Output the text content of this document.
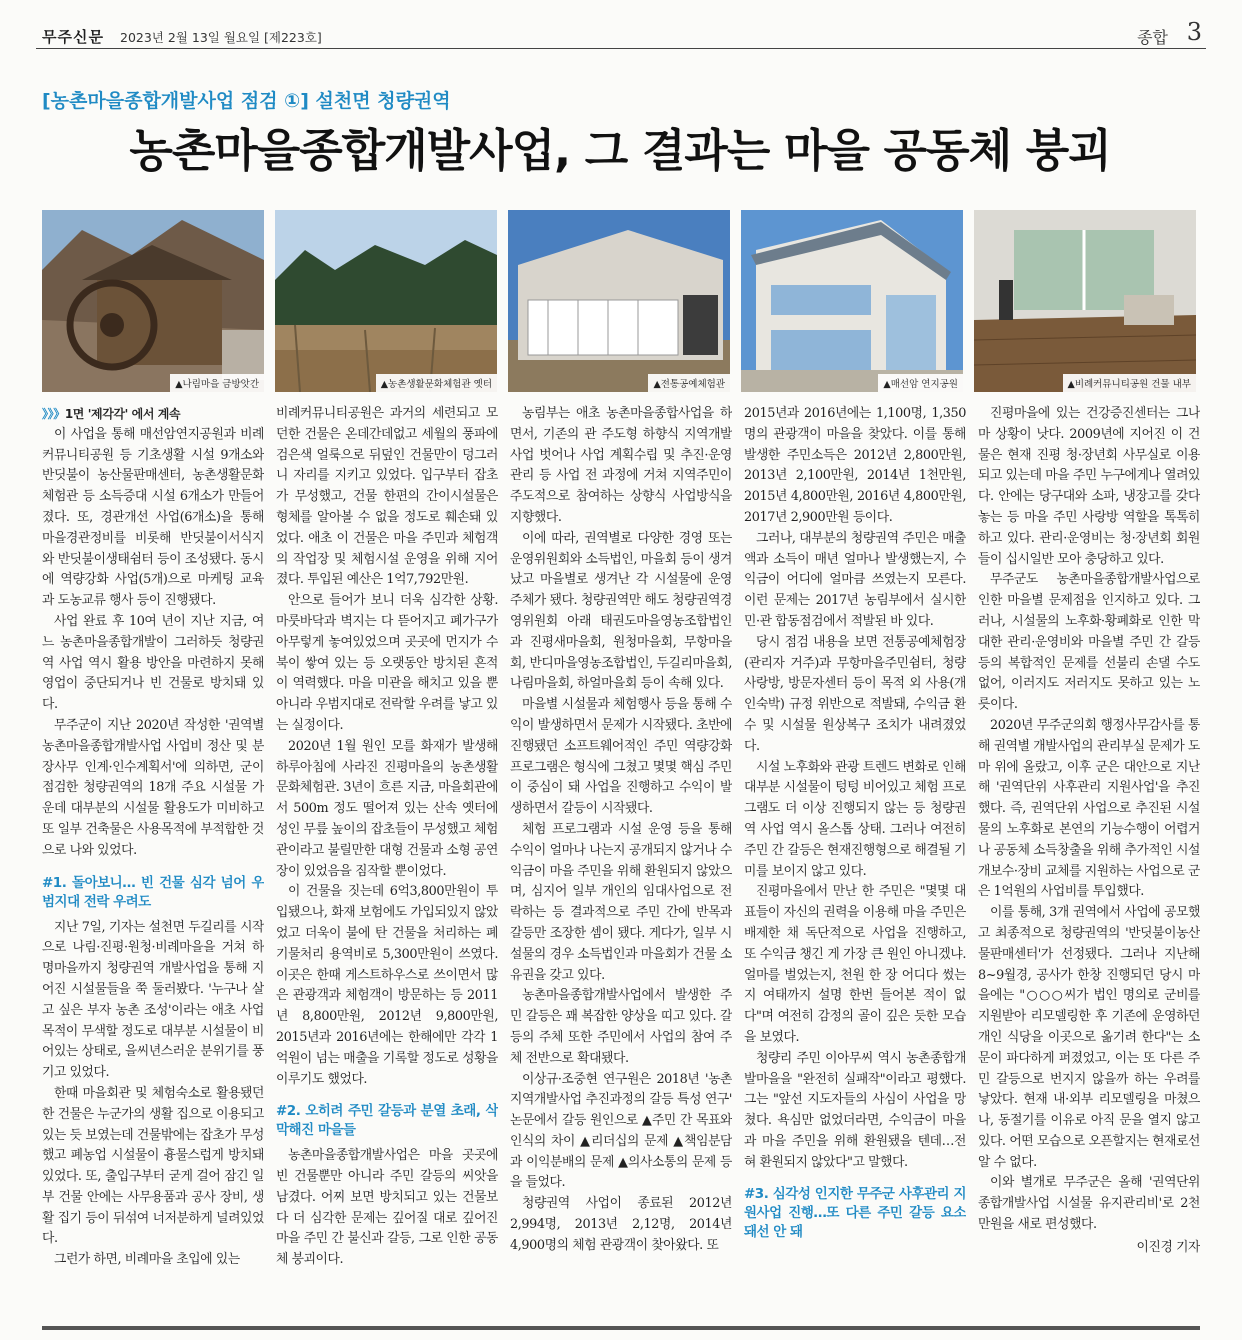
무주신문 2023년 2월 13일 월요일 [제223호]	종합 3
[농촌마을종합개발사업 점검 ①] 설천면 청량권역
농촌마을종합개발사업, 그 결과는 마을 공동체 붕괴
▲나림마을 금방앗간	▲농촌생활문화체험관 옛터	▲전통공예체험관	▲매선암 연지공원	▲비례커뮤니티공원 건물 내부

》》》1면 '제각각' 에서 계속

이 사업을 통해 매선암연지공원과 비례커뮤니티공원 등 기초생활 시설 9개소와 반딧불이 농산물판매센터, 농촌생활문화체험관 등 소득증대 시설 6개소가 만들어졌다. 또, 경관개선 사업(6개소)을 통해 마을경관정비를 비롯해 반딧불이서식지와 반딧불이생태쉼터 등이 조성됐다. 동시에 역량강화 사업(5개)으로 마케팅 교육과 도농교류 행사 등이 진행됐다.

사업 완료 후 10여 년이 지난 지금, 여느 농촌마을종합개발이 그러하듯 청량권역 사업 역시 활용 방안을 마련하지 못해 영업이 중단되거나 빈 건물로 방치돼 있다.

무주군이 지난 2020년 작성한 '권역별 농촌마을종합개발사업 사업비 정산 및 분장사무 인계·인수계획서'에 의하면, 군이 점검한 청량권역의 18개 주요 시설물 가운데 대부분의 시설물 활용도가 미비하고 또 일부 건축물은 사용목적에 부적합한 것으로 나와 있었다.

#1. 돌아보니… 빈 건물 심각 넘어 우범지대 전락 우려도

지난 7일, 기자는 설천면 두길리를 시작으로 나림·진평·원청·비례마을을 거쳐 하명마을까지 청량권역 개발사업을 통해 지어진 시설물들을 쭉 둘러봤다. '누구나 살고 싶은 부자 농촌 조성'이라는 애초 사업 목적이 무색할 정도로 대부분 시설물이 비어있는 상태로, 을씨년스러운 분위기를 풍기고 있었다.

한때 마을회관 및 체험숙소로 활용됐던 한 건물은 누군가의 생활 집으로 이용되고 있는 듯 보였는데 건물밖에는 잡초가 무성했고 폐농업 시설물이 흉물스럽게 방치돼 있었다. 또, 출입구부터 굳게 걸어 잠긴 일부 건물 안에는 사무용품과 공사 장비, 생활 집기 등이 뒤섞여 너저분하게 널려있었다.

그런가 하면, 비례마을 초입에 있는

비례커뮤니티공원은 과거의 세련되고 모던한 건물은 온데간데없고 세월의 풍파에 검은색 얼룩으로 뒤덮인 건물만이 덩그러니 자리를 지키고 있었다. 입구부터 잡초가 무성했고, 건물 한편의 간이시설물은 형체를 알아볼 수 없을 정도로 훼손돼 있었다. 애초 이 건물은 마을 주민과 체험객의 작업장 및 체험시설 운영을 위해 지어졌다. 투입된 예산은 1억7,792만원.

안으로 들어가 보니 더욱 심각한 상황. 마룻바닥과 벽지는 다 뜯어지고 폐가구가 아무렇게 놓여있었으며 곳곳에 먼지가 수북이 쌓여 있는 등 오랫동안 방치된 흔적이 역력했다. 마을 미관을 해치고 있을 뿐 아니라 우범지대로 전락할 우려를 낳고 있는 실정이다.

2020년 1월 원인 모를 화재가 발생해 하루아침에 사라진 진평마을의 농촌생활문화체험관. 3년이 흐른 지금, 마을회관에서 500m 정도 떨어져 있는 산속 옛터에 성인 무릎 높이의 잡초들이 무성했고 체험관이라고 불릴만한 대형 건물과 소형 공연장이 있었음을 짐작할 뿐이었다.

이 건물을 짓는데 6억3,800만원이 투입됐으나, 화재 보험에도 가입되있지 않았었고 더욱이 불에 탄 건물을 처리하는 폐기물처리 용역비로 5,300만원이 쓰였다. 이곳은 한때 게스트하우스로 쓰이면서 많은 관광객과 체험객이 방문하는 등 2011년 8,800만원, 2012년 9,800만원, 2015년과 2016년에는 한해에만 각각 1억원이 넘는 매출을 기록할 정도로 성황을 이루기도 했었다.

#2. 오히려 주민 갈등과 분열 초래, 삭막해진 마을들

농촌마을종합개발사업은 마을 곳곳에 빈 건물뿐만 아니라 주민 갈등의 씨앗을 남겼다. 어찌 보면 방치되고 있는 건물보다 더 심각한 문제는 깊어질 대로 깊어진 마을 주민 간 불신과 갈등, 그로 인한 공동체 붕괴이다.

농림부는 애초 농촌마을종합사업을 하면서, 기존의 관 주도형 하향식 지역개발사업 벗어나 사업 계획수립 및 추진·운영관리 등 사업 전 과정에 거쳐 지역주민이 주도적으로 참여하는 상향식 사업방식을 지향했다.

이에 따라, 권역별로 다양한 경영 또는 운영위원회와 소득법인, 마을회 등이 생겨났고 마을별로 생겨난 각 시설물에 운영 주체가 됐다. 청량권역만 해도 청량권역경영위원회 아래 태권도마을영농조합법인과 진평새마을회, 원청마을회, 무항마을회, 반디마을영농조합법인, 두길리마을회, 나림마을회, 하얼마을회 등이 속해 있다.

마을별 시설물과 체험행사 등을 통해 수익이 발생하면서 문제가 시작됐다. 초반에 진행됐던 소프트웨어적인 주민 역량강화 프로그램은 형식에 그쳤고 몇몇 핵심 주민이 중심이 돼 사업을 진행하고 수익이 발생하면서 갈등이 시작됐다.

체험 프로그램과 시설 운영 등을 통해 수익이 얼마나 나는지 공개되지 않거나 수익금이 마을 주민을 위해 환원되지 않았으며, 심지어 일부 개인의 임대사업으로 전락하는 등 결과적으로 주민 간에 반목과 갈등만 조장한 셈이 됐다. 게다가, 일부 시설물의 경우 소득법인과 마을회가 건물 소유권을 갖고 있다.

농촌마을종합개발사업에서 발생한 주민 갈등은 꽤 복잡한 양상을 띠고 있다. 갈등의 주체 또한 주민에서 사업의 참여 주체 전반으로 확대됐다.

이상규·조중현 연구원은 2018년 '농촌지역개발사업 추진과정의 갈등 특성 연구' 논문에서 갈등 원인으로 ▲주민 간 목표와 인식의 차이 ▲리더십의 문제 ▲책임분담과 이익분배의 문제 ▲의사소통의 문제 등을 들었다.

청량권역 사업이 종료된 2012년 2,994명, 2013년 2,12명, 2014년 4,900명의 체험 관광객이 찾아왔다. 또

2015년과 2016년에는 1,100명, 1,350명의 관광객이 마을을 찾았다. 이를 통해 발생한 주민소득은 2012년 2,800만원, 2013년 2,100만원, 2014년 1천만원, 2015년 4,800만원, 2016년 4,800만원, 2017년 2,900만원 등이다.

그러나, 대부분의 청량권역 주민은 매출액과 소득이 매년 얼마나 발생했는지, 수익금이 어디에 얼마큼 쓰였는지 모른다. 이런 문제는 2017년 농림부에서 실시한 민·관 합동점검에서 적발된 바 있다.

당시 점검 내용을 보면 전통공예체험장(관리자 거주)과 무항마을주민쉼터, 청량사랑방, 방문자센터 등이 목적 외 사용(개인숙박) 규정 위반으로 적발돼, 수익금 환수 및 시설물 원상복구 조치가 내려졌었다.

시설 노후화와 관광 트렌드 변화로 인해 대부분 시설물이 텅텅 비어있고 체험 프로그램도 더 이상 진행되지 않는 등 청량권역 사업 역시 올스톱 상태. 그러나 여전히 주민 간 갈등은 현재진행형으로 해결될 기미를 보이지 않고 있다.

진평마을에서 만난 한 주민은 "몇몇 대표들이 자신의 권력을 이용해 마을 주민은 배제한 채 독단적으로 사업을 진행하고, 또 수익금 챙긴 게 가장 큰 원인 아니겠냐. 얼마를 벌었는지, 천원 한 장 어디다 썼는지 여태까지 설명 한번 들어본 적이 없다"며 여전히 감정의 골이 깊은 듯한 모습을 보였다.

청량리 주민 이아무씨 역시 농촌종합개발마을을 "완전히 실패작"이라고 평했다. 그는 "앞선 지도자들의 사심이 사업을 망쳤다. 욕심만 없었더라면, 수익금이 마을과 마을 주민을 위해 환원됐을 텐데…전혀 환원되지 않았다"고 말했다.

#3. 심각성 인지한 무주군 사후관리 지원사업 진행…또 다른 주민 갈등 요소 돼선 안 돼

진평마을에 있는 건강증진센터는 그나마 상황이 낫다. 2009년에 지어진 이 건물은 현재 진평 청·장년회 사무실로 이용되고 있는데 마을 주민 누구에게나 열려있다. 안에는 당구대와 소파, 냉장고를 갖다 놓는 등 마을 주민 사랑방 역할을 톡톡히 하고 있다. 관리·운영비는 청·장년회 회원들이 십시일반 모아 충당하고 있다.

무주군도 농촌마을종합개발사업으로 인한 마을별 문제점을 인지하고 있다. 그러나, 시설물의 노후화·황폐화로 인한 막대한 관리·운영비와 마을별 주민 간 갈등 등의 복합적인 문제를 선불리 손댈 수도 없어, 이러지도 저러지도 못하고 있는 노릇이다.

2020년 무주군의회 행정사무감사를 통해 권역별 개발사업의 관리부실 문제가 도마 위에 올랐고, 이후 군은 대안으로 지난해 '권역단위 사후관리 지원사업'을 추진했다. 즉, 권역단위 사업으로 추진된 시설물의 노후화로 본연의 기능수행이 어렵거나 공동체 소득창출을 위해 추가적인 시설 개보수·장비 교체를 지원하는 사업으로 군은 1억원의 사업비를 투입했다.

이를 통해, 3개 권역에서 사업에 공모했고 최종적으로 청량권역의 '반딧불이농산물판매센터'가 선정됐다. 그러나 지난해 8~9월경, 공사가 한창 진행되던 당시 마을에는 "○○○씨가 법인 명의로 군비를 지원받아 리모델링한 후 기존에 운영하던 개인 식당을 이곳으로 옮기려 한다"는 소문이 파다하게 퍼졌었고, 이는 또 다른 주민 갈등으로 번지지 않을까 하는 우려를 낳았다. 현재 내·외부 리모델링을 마쳤으나, 동절기를 이유로 아직 문을 열지 않고 있다. 어떤 모습으로 오픈할지는 현재로선 알 수 없다.

이와 별개로 무주군은 올해 '권역단위 종합개발사업 시설물 유지관리비'로 2천만원을 새로 편성했다.

이진경 기자
